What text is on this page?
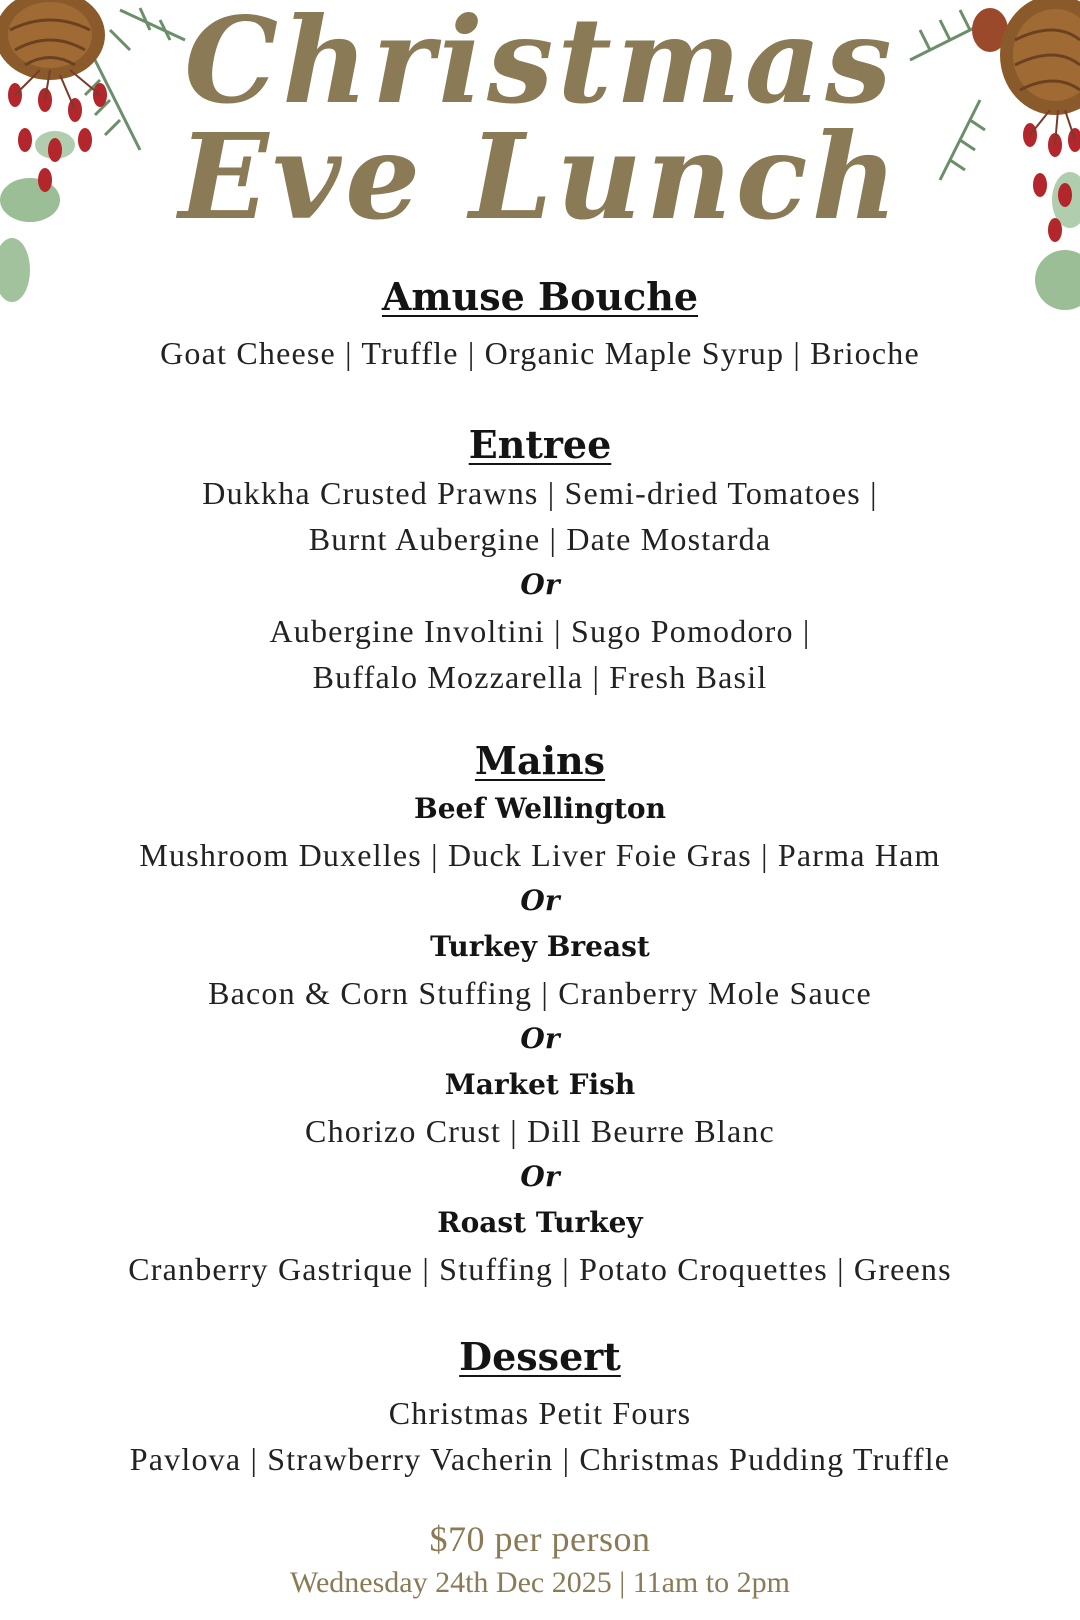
Christmas
Eve Lunch
Amuse Bouche

Goat Cheese | Truffle | Organic Maple Syrup | Brioche

Entree

Dukkha Crusted Prawns | Semi-dried Tomatoes |

Burnt Aubergine | Date Mostarda

Or

Aubergine Involtini | Sugo Pomodoro |

Buffalo Mozzarella | Fresh Basil

Mains

Beef Wellington

Mushroom Duxelles | Duck Liver Foie Gras | Parma Ham

Or

Turkey Breast

Bacon & Corn Stuffing | Cranberry Mole Sauce

Or

Market Fish

Chorizo Crust | Dill Beurre Blanc

Or

Roast Turkey

Cranberry Gastrique | Stuffing | Potato Croquettes | Greens

Dessert

Christmas Petit Fours

Pavlova | Strawberry Vacherin | Christmas Pudding Truffle

$70 per person

Wednesday 24th Dec 2025 | 11am to 2pm
